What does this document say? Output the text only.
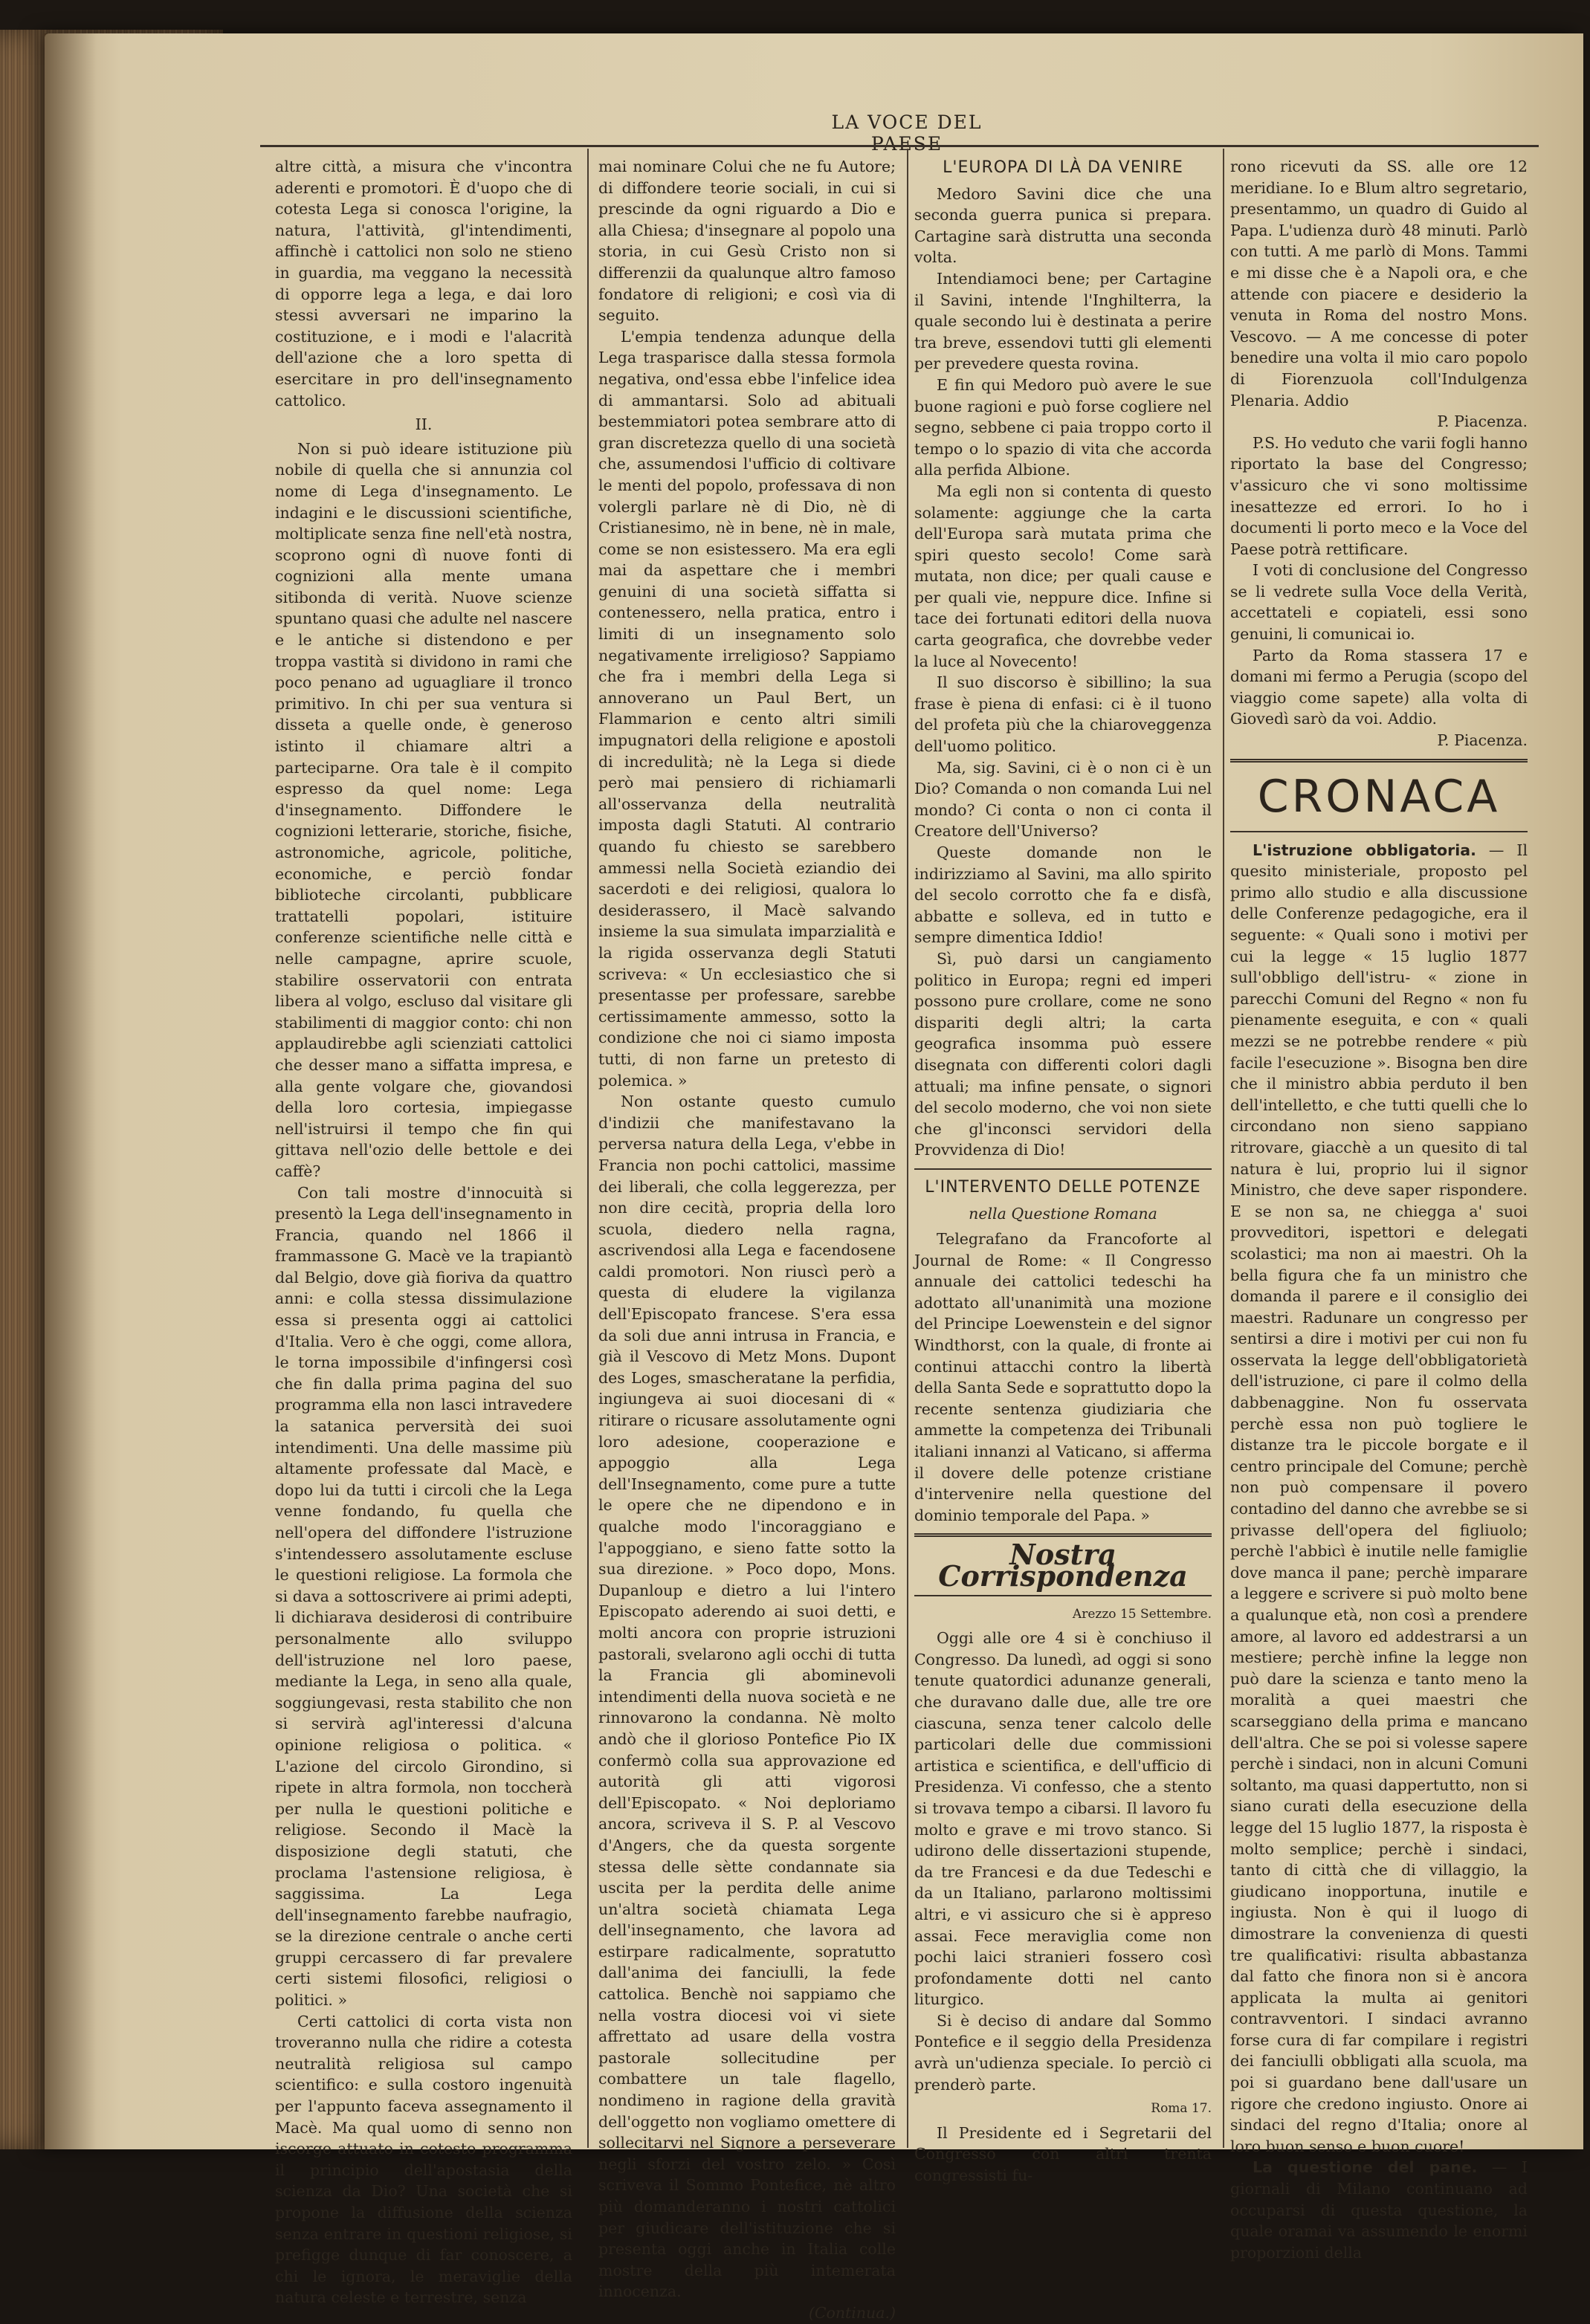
LA VOCE DEL PAESE

altre città, a misura che v'incontra aderenti e promotori. È d'uopo che di cotesta Lega si conosca l'origine, la natura, l'attività, gl'intendimenti, affinchè i cattolici non solo ne stieno in guardia, ma veggano la necessità di opporre lega a lega, e dai loro stessi avversari ne imparino la costituzione, e i modi e l'alacrità dell'azione che a loro spetta di esercitare in pro dell'insegnamento cattolico.

II.

Non si può ideare istituzione più nobile di quella che si annunzia col nome di Lega d'insegnamento. Le indagini e le discussioni scientifiche, moltiplicate senza fine nell'età nostra, scoprono ogni dì nuove fonti di cognizioni alla mente umana sitibonda di verità. Nuove scienze spuntano quasi che adulte nel nascere e le antiche si distendono e per troppa vastità si dividono in rami che poco penano ad uguagliare il tronco primitivo. In chi per sua ventura si disseta a quelle onde, è generoso istinto il chiamare altri a parteciparne. Ora tale è il compito espresso da quel nome: Lega d'insegnamento. Diffondere le cognizioni letterarie, storiche, fisiche, astronomiche, agricole, politiche, economiche, e perciò fondar biblioteche circolanti, pubblicare trattatelli popolari, istituire conferenze scientifiche nelle città e nelle campagne, aprire scuole, stabilire osservatorii con entrata libera al volgo, escluso dal visitare gli stabilimenti di maggior conto: chi non applaudirebbe agli scienziati cattolici che desser mano a siffatta impresa, e alla gente volgare che, giovandosi della loro cortesia, impiegasse nell'istruirsi il tempo che fin qui gittava nell'ozio delle bettole e dei caffè?

Con tali mostre d'innocuità si presentò la Lega dell'insegnamento in Francia, quando nel 1866 il frammassone G. Macè ve la trapiantò dal Belgio, dove già fioriva da quattro anni: e colla stessa dissimulazione essa si presenta oggi ai cattolici d'Italia. Vero è che oggi, come allora, le torna impossibile d'infingersi così che fin dalla prima pagina del suo programma ella non lasci intravedere la satanica perversità dei suoi intendimenti. Una delle massime più altamente professate dal Macè, e dopo lui da tutti i circoli che la Lega venne fondando, fu quella che nell'opera del diffondere l'istruzione s'intendessero assolutamente escluse le questioni religiose. La formola che si dava a sottoscrivere ai primi adepti, li dichiarava desiderosi di contribuire personalmente allo sviluppo dell'istruzione nel loro paese, mediante la Lega, in seno alla quale, soggiungevasi, resta stabilito che non si servirà agl'interessi d'alcuna opinione religiosa o politica. « L'azione del circolo Girondino, si ripete in altra formola, non toccherà per nulla le questioni politiche e religiose. Secondo il Macè la disposizione degli statuti, che proclama l'astensione religiosa, è saggissima. La Lega dell'insegnamento farebbe naufragio, se la direzione centrale o anche certi gruppi cercassero di far prevalere certi sistemi filosofici, religiosi o politici. »

Certi cattolici di corta vista non troveranno nulla che ridire a cotesta neutralità religiosa sul campo scientifico: e sulla costoro ingenuità per l'appunto faceva assegnamento il Macè. Ma qual uomo di senno non iscorge attuato in cotesto programma il principio dell'apostasia della scienza da Dio? Una società che si propone la diffusione della scienza senza entrare in questioni religiose, si prefigge dunque di far conoscere, a chi le ignora, le meraviglie della natura celeste e terrestre, senza

mai nominare Colui che ne fu Autore; di diffondere teorie sociali, in cui si prescinde da ogni riguardo a Dio e alla Chiesa; d'insegnare al popolo una storia, in cui Gesù Cristo non si differenzii da qualunque altro famoso fondatore di religioni; e così via di seguito.

L'empia tendenza adunque della Lega trasparisce dalla stessa formola negativa, ond'essa ebbe l'infelice idea di ammantarsi. Solo ad abituali bestemmiatori potea sembrare atto di gran discretezza quello di una società che, assumendosi l'ufficio di coltivare le menti del popolo, professava di non volergli parlare nè di Dio, nè di Cristianesimo, nè in bene, nè in male, come se non esistessero. Ma era egli mai da aspettare che i membri genuini di una società siffatta si contenessero, nella pratica, entro i limiti di un insegnamento solo negativamente irreligioso? Sappiamo che fra i membri della Lega si annoverano un Paul Bert, un Flammarion e cento altri simili impugnatori della religione e apostoli di incredulità; nè la Lega si diede però mai pensiero di richiamarli all'osservanza della neutralità imposta dagli Statuti. Al contrario quando fu chiesto se sarebbero ammessi nella Società eziandio dei sacerdoti e dei religiosi, qualora lo desiderassero, il Macè salvando insieme la sua simulata imparzialità e la rigida osservanza degli Statuti scriveva: « Un ecclesiastico che si presentasse per professare, sarebbe certissimamente ammesso, sotto la condizione che noi ci siamo imposta tutti, di non farne un pretesto di polemica. »

Non ostante questo cumulo d'indizii che manifestavano la perversa natura della Lega, v'ebbe in Francia non pochi cattolici, massime dei liberali, che colla leggerezza, per non dire cecità, propria della loro scuola, diedero nella ragna, ascrivendosi alla Lega e facendosene caldi promotori. Non riuscì però a questa di eludere la vigilanza dell'Episcopato francese. S'era essa da soli due anni intrusa in Francia, e già il Vescovo di Metz Mons. Dupont des Loges, smascheratane la perfidia, ingiungeva ai suoi diocesani di « ritirare o ricusare assolutamente ogni loro adesione, cooperazione e appoggio alla Lega dell'Insegnamento, come pure a tutte le opere che ne dipendono e in qualche modo l'incoraggiano e l'appoggiano, e sieno fatte sotto la sua direzione. » Poco dopo, Mons. Dupanloup e dietro a lui l'intero Episcopato aderendo ai suoi detti, e molti ancora con proprie istruzioni pastorali, svelarono agli occhi di tutta la Francia gli abominevoli intendimenti della nuova società e ne rinnovarono la condanna. Nè molto andò che il glorioso Pontefice Pio IX confermò colla sua approvazione ed autorità gli atti vigorosi dell'Episcopato. « Noi deploriamo ancora, scriveva il S. P. al Vescovo d'Angers, che da questa sorgente stessa delle sètte condannate sia uscita per la perdita delle anime un'altra società chiamata Lega dell'insegnamento, che lavora ad estirpare radicalmente, sopratutto dall'anima dei fanciulli, la fede cattolica. Benchè noi sappiamo che nella vostra diocesi voi vi siete affrettato ad usare della vostra pastorale sollecitudine per combattere un tale flagello, nondimeno in ragione della gravità dell'oggetto non vogliamo omettere di sollecitarvi nel Signore a perseverare negli sforzi del vostro zelo. » Così scriveva il Sommo Pontefice, nè altro più domanderanno i nostri cattolici per giudicare dell'istituzione che si presenta oggi anche in Italia colle mostre della più intemerata innocenza.

(Continua.)
L'EUROPA DI LÀ DA VENIRE

Medoro Savini dice che una seconda guerra punica si prepara. Cartagine sarà distrutta una seconda volta.

Intendiamoci bene; per Cartagine il Savini, intende l'Inghilterra, la quale secondo lui è destinata a perire tra breve, essendovi tutti gli elementi per prevedere questa rovina.

E fin qui Medoro può avere le sue buone ragioni e può forse cogliere nel segno, sebbene ci paia troppo corto il tempo o lo spazio di vita che accorda alla perfida Albione.

Ma egli non si contenta di questo solamente: aggiunge che la carta dell'Europa sarà mutata prima che spiri questo secolo! Come sarà mutata, non dice; per quali cause e per quali vie, neppure dice. Infine si tace dei fortunati editori della nuova carta geografica, che dovrebbe veder la luce al Novecento!

Il suo discorso è sibillino; la sua frase è piena di enfasi: ci è il tuono del profeta più che la chiaroveggenza dell'uomo politico.

Ma, sig. Savini, ci è o non ci è un Dio? Comanda o non comanda Lui nel mondo? Ci conta o non ci conta il Creatore dell'Universo?

Queste domande non le indirizziamo al Savini, ma allo spirito del secolo corrotto che fa e disfà, abbatte e solleva, ed in tutto e sempre dimentica Iddio!

Sì, può darsi un cangiamento politico in Europa; regni ed imperi possono pure crollare, come ne sono dispariti degli altri; la carta geografica insomma può essere disegnata con differenti colori dagli attuali; ma infine pensate, o signori del secolo moderno, che voi non siete che gl'inconsci servidori della Provvidenza di Dio!

L'INTERVENTO DELLE POTENZE
nella Questione Romana

Telegrafano da Francoforte al Journal de Rome: « Il Congresso annuale dei cattolici tedeschi ha adottato all'unanimità una mozione del Principe Loewenstein e del signor Windthorst, con la quale, di fronte ai continui attacchi contro la libertà della Santa Sede e soprattutto dopo la recente sentenza giudiziaria che ammette la competenza dei Tribunali italiani innanzi al Vaticano, si afferma il dovere delle potenze cristiane d'intervenire nella questione del dominio temporale del Papa. »

Nostra Corrispondenza
Arezzo 15 Settembre.

Oggi alle ore 4 si è conchiuso il Congresso. Da lunedì, ad oggi si sono tenute quatordici adunanze generali, che duravano dalle due, alle tre ore ciascuna, senza tener calcolo delle particolari delle due commissioni artistica e scientifica, e dell'ufficio di Presidenza. Vi confesso, che a stento si trovava tempo a cibarsi. Il lavoro fu molto e grave e mi trovo stanco. Si udirono delle dissertazioni stupende, da tre Francesi e da due Tedeschi e da un Italiano, parlarono moltissimi altri, e vi assicuro che si è appreso assai. Fece meraviglia come non pochi laici stranieri fossero così profondamente dotti nel canto liturgico.

Si è deciso di andare dal Sommo Pontefice e il seggio della Presidenza avrà un'udienza speciale. Io perciò ci prenderò parte.

Roma 17.

Il Presidente ed i Segretarii del Congresso con altri trenta congressisti fu-

rono ricevuti da SS. alle ore 12 meridiane. Io e Blum altro segretario, presentammo, un quadro di Guido al Papa. L'udienza durò 48 minuti. Parlò con tutti. A me parlò di Mons. Tammi e mi disse che è a Napoli ora, e che attende con piacere e desiderio la venuta in Roma del nostro Mons. Vescovo. — A me concesse di poter benedire una volta il mio caro popolo di Fiorenzuola coll'Indulgenza Plenaria. Addio

P. Piacenza.

P.S. Ho veduto che varii fogli hanno riportato la base del Congresso; v'assicuro che vi sono moltissime inesattezze ed errori. Io ho i documenti li porto meco e la Voce del Paese potrà rettificare.

I voti di conclusione del Congresso se li vedrete sulla Voce della Verità, accettateli e copiateli, essi sono genuini, li comunicai io.

Parto da Roma stassera 17 e domani mi fermo a Perugia (scopo del viaggio come sapete) alla volta di Giovedì sarò da voi. Addio.

P. Piacenza.
CRONACA

L'istruzione obbligatoria. — Il quesito ministeriale, proposto pel primo allo studio e alla discussione delle Conferenze pedagogiche, era il seguente: « Quali sono i motivi per cui la legge « 15 luglio 1877 sull'obbligo dell'istru- « zione in parecchi Comuni del Regno « non fu pienamente eseguita, e con « quali mezzi se ne potrebbe rendere « più facile l'esecuzione ». Bisogna ben dire che il ministro abbia perduto il ben dell'intelletto, e che tutti quelli che lo circondano non sieno sappiano ritrovare, giacchè a un quesito di tal natura è lui, proprio lui il signor Ministro, che deve saper rispondere. E se non sa, ne chiegga a' suoi provveditori, ispettori e delegati scolastici; ma non ai maestri. Oh la bella figura che fa un ministro che domanda il parere e il consiglio dei maestri. Radunare un congresso per sentirsi a dire i motivi per cui non fu osservata la legge dell'obbligatorietà dell'istruzione, ci pare il colmo della dabbenaggine. Non fu osservata perchè essa non può togliere le distanze tra le piccole borgate e il centro principale del Comune; perchè non può compensare il povero contadino del danno che avrebbe se si privasse dell'opera del figliuolo; perchè l'abbicì è inutile nelle famiglie dove manca il pane; perchè imparare a leggere e scrivere si può molto bene a qualunque età, non così a prendere amore, al lavoro ed addestrarsi a un mestiere; perchè infine la legge non può dare la scienza e tanto meno la moralità a quei maestri che scarseggiano della prima e mancano dell'altra. Che se poi si volesse sapere perchè i sindaci, non in alcuni Comuni soltanto, ma quasi dappertutto, non si siano curati della esecuzione della legge del 15 luglio 1877, la risposta è molto semplice; perchè i sindaci, tanto di città che di villaggio, la giudicano inopportuna, inutile e ingiusta. Non è qui il luogo di dimostrare la convenienza di questi tre qualificativi: risulta abbastanza dal fatto che finora non si è ancora applicata la multa ai genitori contravventori. I sindaci avranno forse cura di far compilare i registri dei fanciulli obbligati alla scuola, ma poi si guardano bene dall'usare un rigore che credono ingiusto. Onore ai sindaci del regno d'Italia; onore al loro buon senso e buon cuore!

La questione del pane. — I giornali di Milano continuano ad occuparsi di questa questione, la quale oramai va assumendo le enormi proporzioni della
